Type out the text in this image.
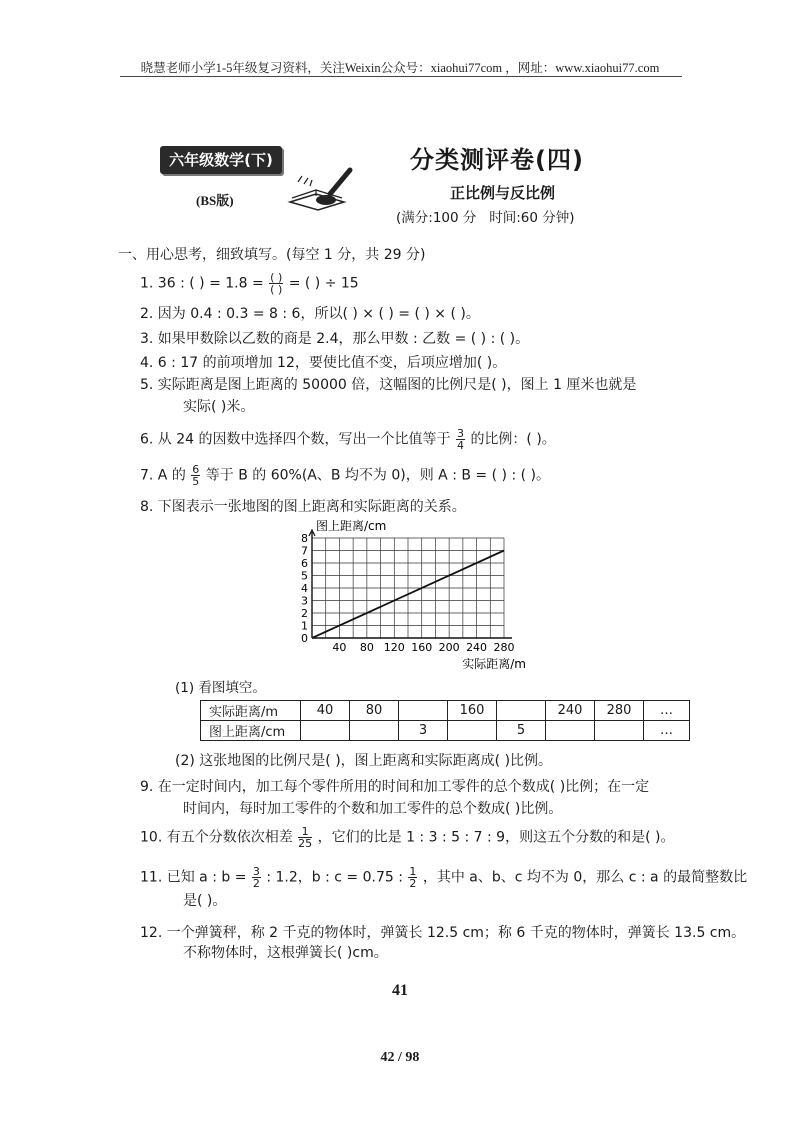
晓慧老师小学1-5年级复习资料，关注Weixin公众号：xiaohui77com ，网址：www.xiaohui77.com
六年级数学(下)
(BS版)
分类测评卷(四)
正比例与反比例
(满分:100 分   时间:60 分钟)
一、用心思考，细致填写。(每空 1 分，共 29 分)
1. 36 : ( ) = $1.8 = \frac{( )}{( )}$ = ( ) ÷ 15
2. 因为 0.4 : 0.3 = 8 : 6，所以( ) × ( ) = ( ) × ( )。
3. 如果甲数除以乙数的商是 2.4，那么甲数 : 乙数 = ( ) : ( )。
4. 6 : 17 的前项增加 12，要使比值不变，后项应增加( )。
5. 实际距离是图上距离的 50000 倍，这幅图的比例尺是( )，图上 1 厘米也就是
实际( )米。
6. 从 24 的因数中选择四个数，写出一个比值等于 $\frac{3}{4}$ 的比例：( )。
7. A 的 $\frac{6}{5}$ 等于 B 的 60%(A、B 均不为 0)，则 A : B = ( ) : ( )。
8. 下图表示一张地图的图上距离和实际距离的关系。
0
1
2
3
4
5
6
7
8
40 80 120 160 200 240 280
图上距离/cm
实际距离/m
(1) 看图填空。
实际距离/m	40	80		160		240	280	…
图上距离/cm			3		5			…
(2) 这张地图的比例尺是( )，图上距离和实际距离成( )比例。
9. 在一定时间内，加工每个零件所用的时间和加工零件的总个数成( )比例；在一定
时间内，每时加工零件的个数和加工零件的总个数成( )比例。
10. 有五个分数依次相差 $\frac{1}{25}$ ，它们的比是 1 : 3 : 5 : 7 : 9，则这五个分数的和是( )。
11. 已知 a : $b = \frac{3}{2}$ : 1.2，b : c = 0.75 : $\frac{1}{2}$ ，其中 a、b、c 均不为 0，那么 c : a 的最简整数比
是( )。
12. 一个弹簧秤，称 2 千克的物体时，弹簧长 12.5 cm；称 6 千克的物体时，弹簧长 13.5 cm。
不称物体时，这根弹簧长( )cm。
41
42 / 98
